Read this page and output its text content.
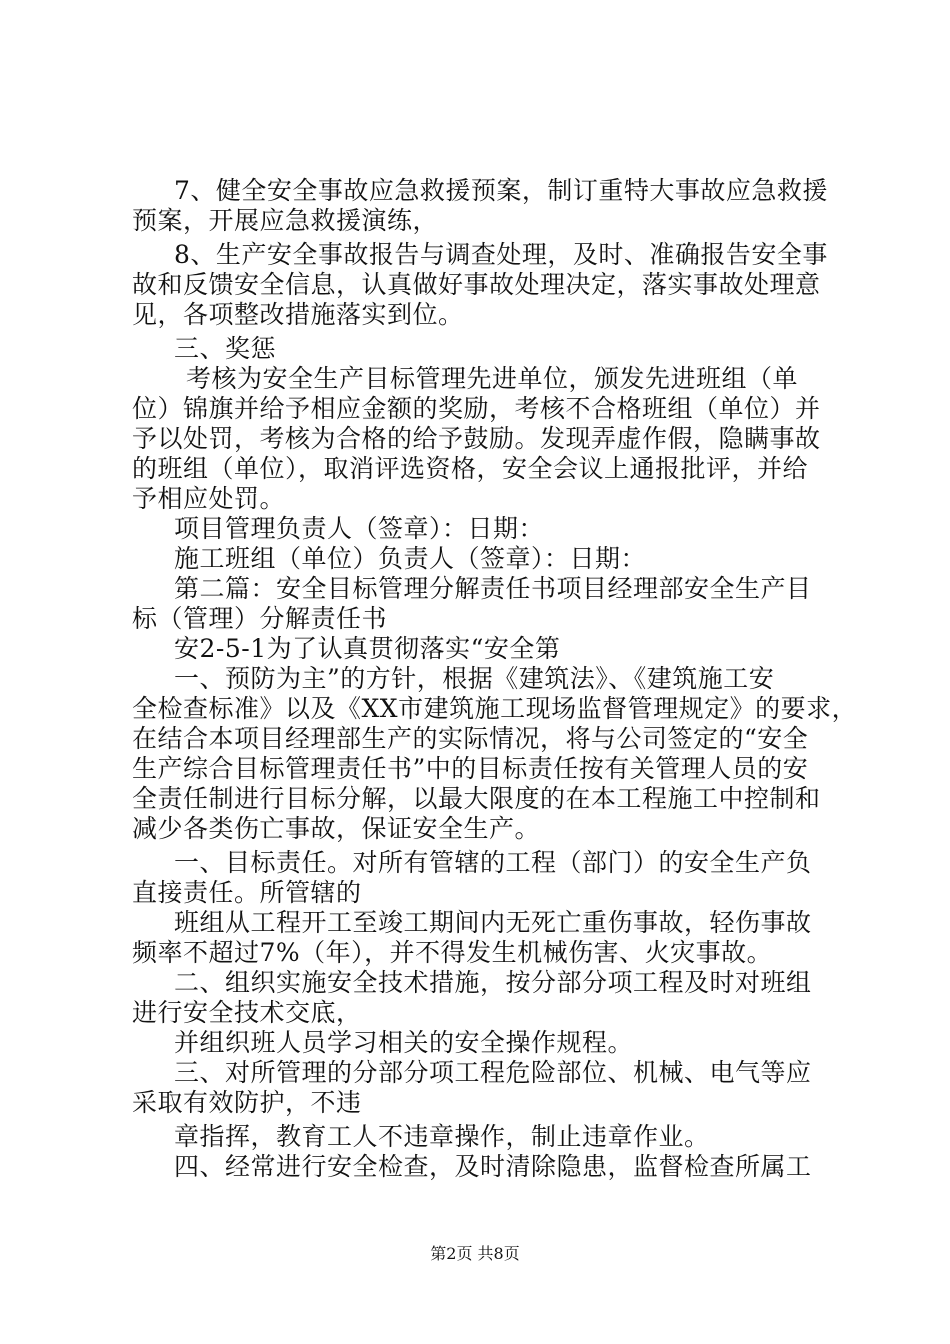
7、健全安全事故应急救援预案，制订重特大事故应急救援
预案，开展应急救援演练，
8、生产安全事故报告与调查处理，及时、准确报告安全事
故和反馈安全信息，认真做好事故处理决定，落实事故处理意
见，各项整改措施落实到位。
三、奖惩
考核为安全生产目标管理先进单位，颁发先进班组（单
位）锦旗并给予相应金额的奖励，考核不合格班组（单位）并
予以处罚，考核为合格的给予鼓励。发现弄虚作假，隐瞒事故
的班组（单位），取消评选资格，安全会议上通报批评，并给
予相应处罚。
项目管理负责人（签章）：日期：
施工班组（单位）负责人（签章）：日期：
第二篇：安全目标管理分解责任书项目经理部安全生产目
标（管理）分解责任书
安2-5-1为了认真贯彻落实“安全第
一、预防为主”的方针，根据《建筑法》、《建筑施工安
全检查标准》以及《XX市建筑施工现场监督管理规定》的要求，
在结合本项目经理部生产的实际情况，将与公司签定的“安全
生产综合目标管理责任书”中的目标责任按有关管理人员的安
全责任制进行目标分解，以最大限度的在本工程施工中控制和
减少各类伤亡事故，保证安全生产。
一、目标责任。对所有管辖的工程（部门）的安全生产负
直接责任。所管辖的
班组从工程开工至竣工期间内无死亡重伤事故，轻伤事故
频率不超过7%（年），并不得发生机械伤害、火灾事故。
二、组织实施安全技术措施，按分部分项工程及时对班组
进行安全技术交底，
并组织班人员学习相关的安全操作规程。
三、对所管理的分部分项工程危险部位、机械、电气等应
采取有效防护，不违
章指挥，教育工人不违章操作，制止违章作业。
四、经常进行安全检查，及时清除隐患，监督检查所属工
第2页 共8页
